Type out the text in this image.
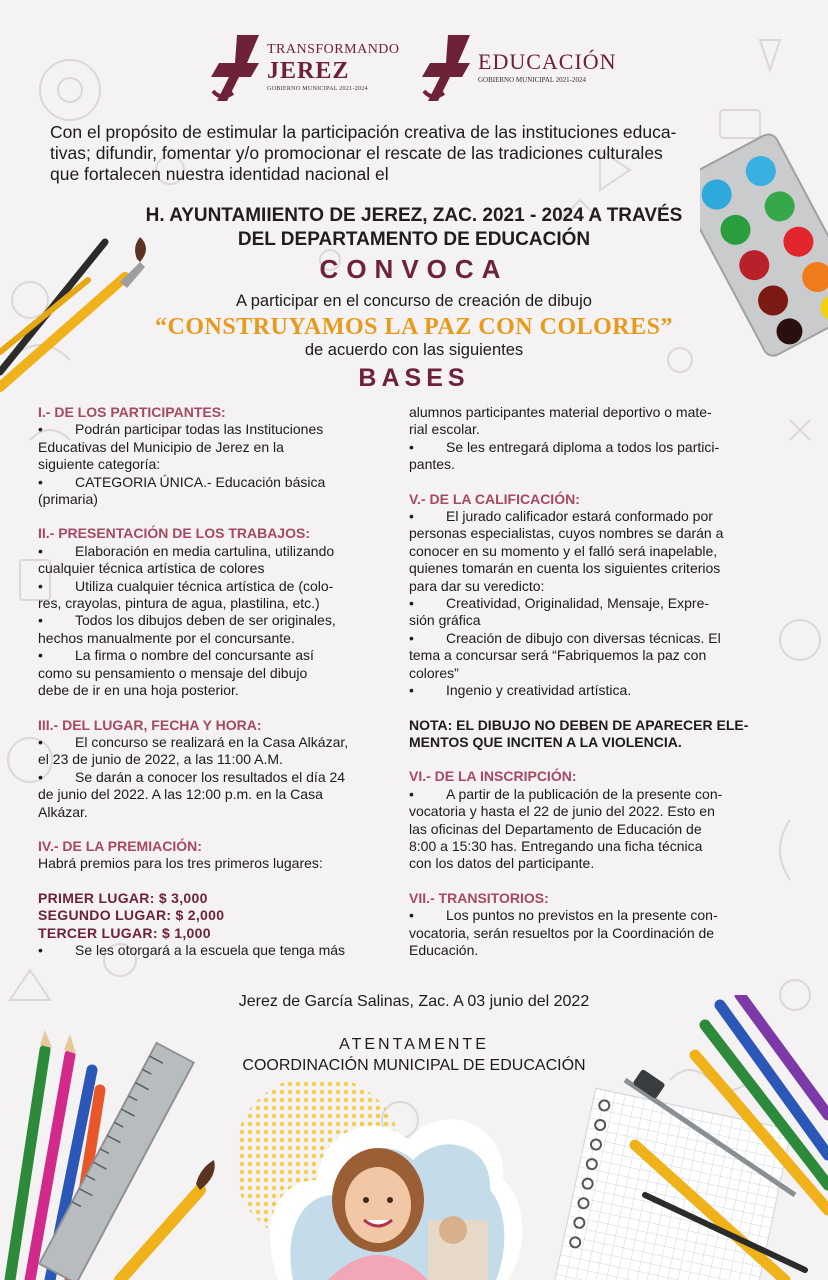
TRANSFORMANDO
JEREZ
GOBIERNO MUNICIPAL 2021-2024
EDUCACIÓN
GOBIERNO MUNICIPAL 2021-2024
Con el propósito de estimular la participación creativa de las instituciones educa-
tivas; difundir, fomentar y/o promocionar el rescate de las tradiciones culturales
que fortalecen nuestra identidad nacional el
H. AYUNTAMIIENTO DE JEREZ, ZAC. 2021 - 2024 A TRAVÉS
DEL DEPARTAMENTO DE EDUCACIÓN
CONVOCA
A participar en el concurso de creación de dibujo
“CONSTRUYAMOS LA PAZ CON COLORES”
de acuerdo con las siguientes
BASES
I.- DE LOS PARTICIPANTES:
• Podrán participar todas las Instituciones
Educativas del Municipio de Jerez en la
siguiente categoría:
• CATEGORIA ÚNICA.- Educación básica
(primaria)
II.- PRESENTACIÓN DE LOS TRABAJOS:
• Elaboración en media cartulina, utilizando
cualquier técnica artística de colores
• Utiliza cualquier técnica artística de (colo-
res, crayolas, pintura de agua, plastilina, etc.)
• Todos los dibujos deben de ser originales,
hechos manualmente por el concursante.
• La firma o nombre del concursante así
como su pensamiento o mensaje del dibujo
debe de ir en una hoja posterior.
III.- DEL LUGAR, FECHA Y HORA:
• El concurso se realizará en la Casa Alkázar,
el 23 de junio de 2022, a las 11:00 A.M.
• Se darán a conocer los resultados el día 24
de junio del 2022. A las 12:00 p.m. en la Casa
Alkázar.
IV.- DE LA PREMIACIÓN:
Habrá premios para los tres primeros lugares:
PRIMER LUGAR: $ 3,000
SEGUNDO LUGAR: $ 2,000
TERCER LUGAR: $ 1,000
• Se les otorgará a la escuela que tenga más
alumnos participantes material deportivo o mate-
rial escolar.
• Se les entregará diploma a todos los partici-
pantes.
V.- DE LA CALIFICACIÓN:
• El jurado calificador estará conformado por
personas especialistas, cuyos nombres se darán a
conocer en su momento y el falló será inapelable,
quienes tomarán en cuenta los siguientes criterios
para dar su veredicto:
• Creatividad, Originalidad, Mensaje, Expre-
sión gráfica
• Creación de dibujo con diversas técnicas. El
tema a concursar será “Fabriquemos la paz con
colores”
• Ingenio y creatividad artística.
NOTA: EL DIBUJO NO DEBEN DE APARECER ELE-
MENTOS QUE INCITEN A LA VIOLENCIA.
VI.- DE LA INSCRIPCIÓN:
• A partir de la publicación de la presente con-
vocatoria y hasta el 22 de junio del 2022. Esto en
las oficinas del Departamento de Educación de
8:00 a 15:30 has. Entregando una ficha técnica
con los datos del participante.
VII.- TRANSITORIOS:
• Los puntos no previstos en la presente con-
vocatoria, serán resueltos por la Coordinación de
Educación.
Jerez de García Salinas, Zac. A 03 junio del 2022
ATENTAMENTE
COORDINACIÓN MUNICIPAL DE EDUCACIÓN
